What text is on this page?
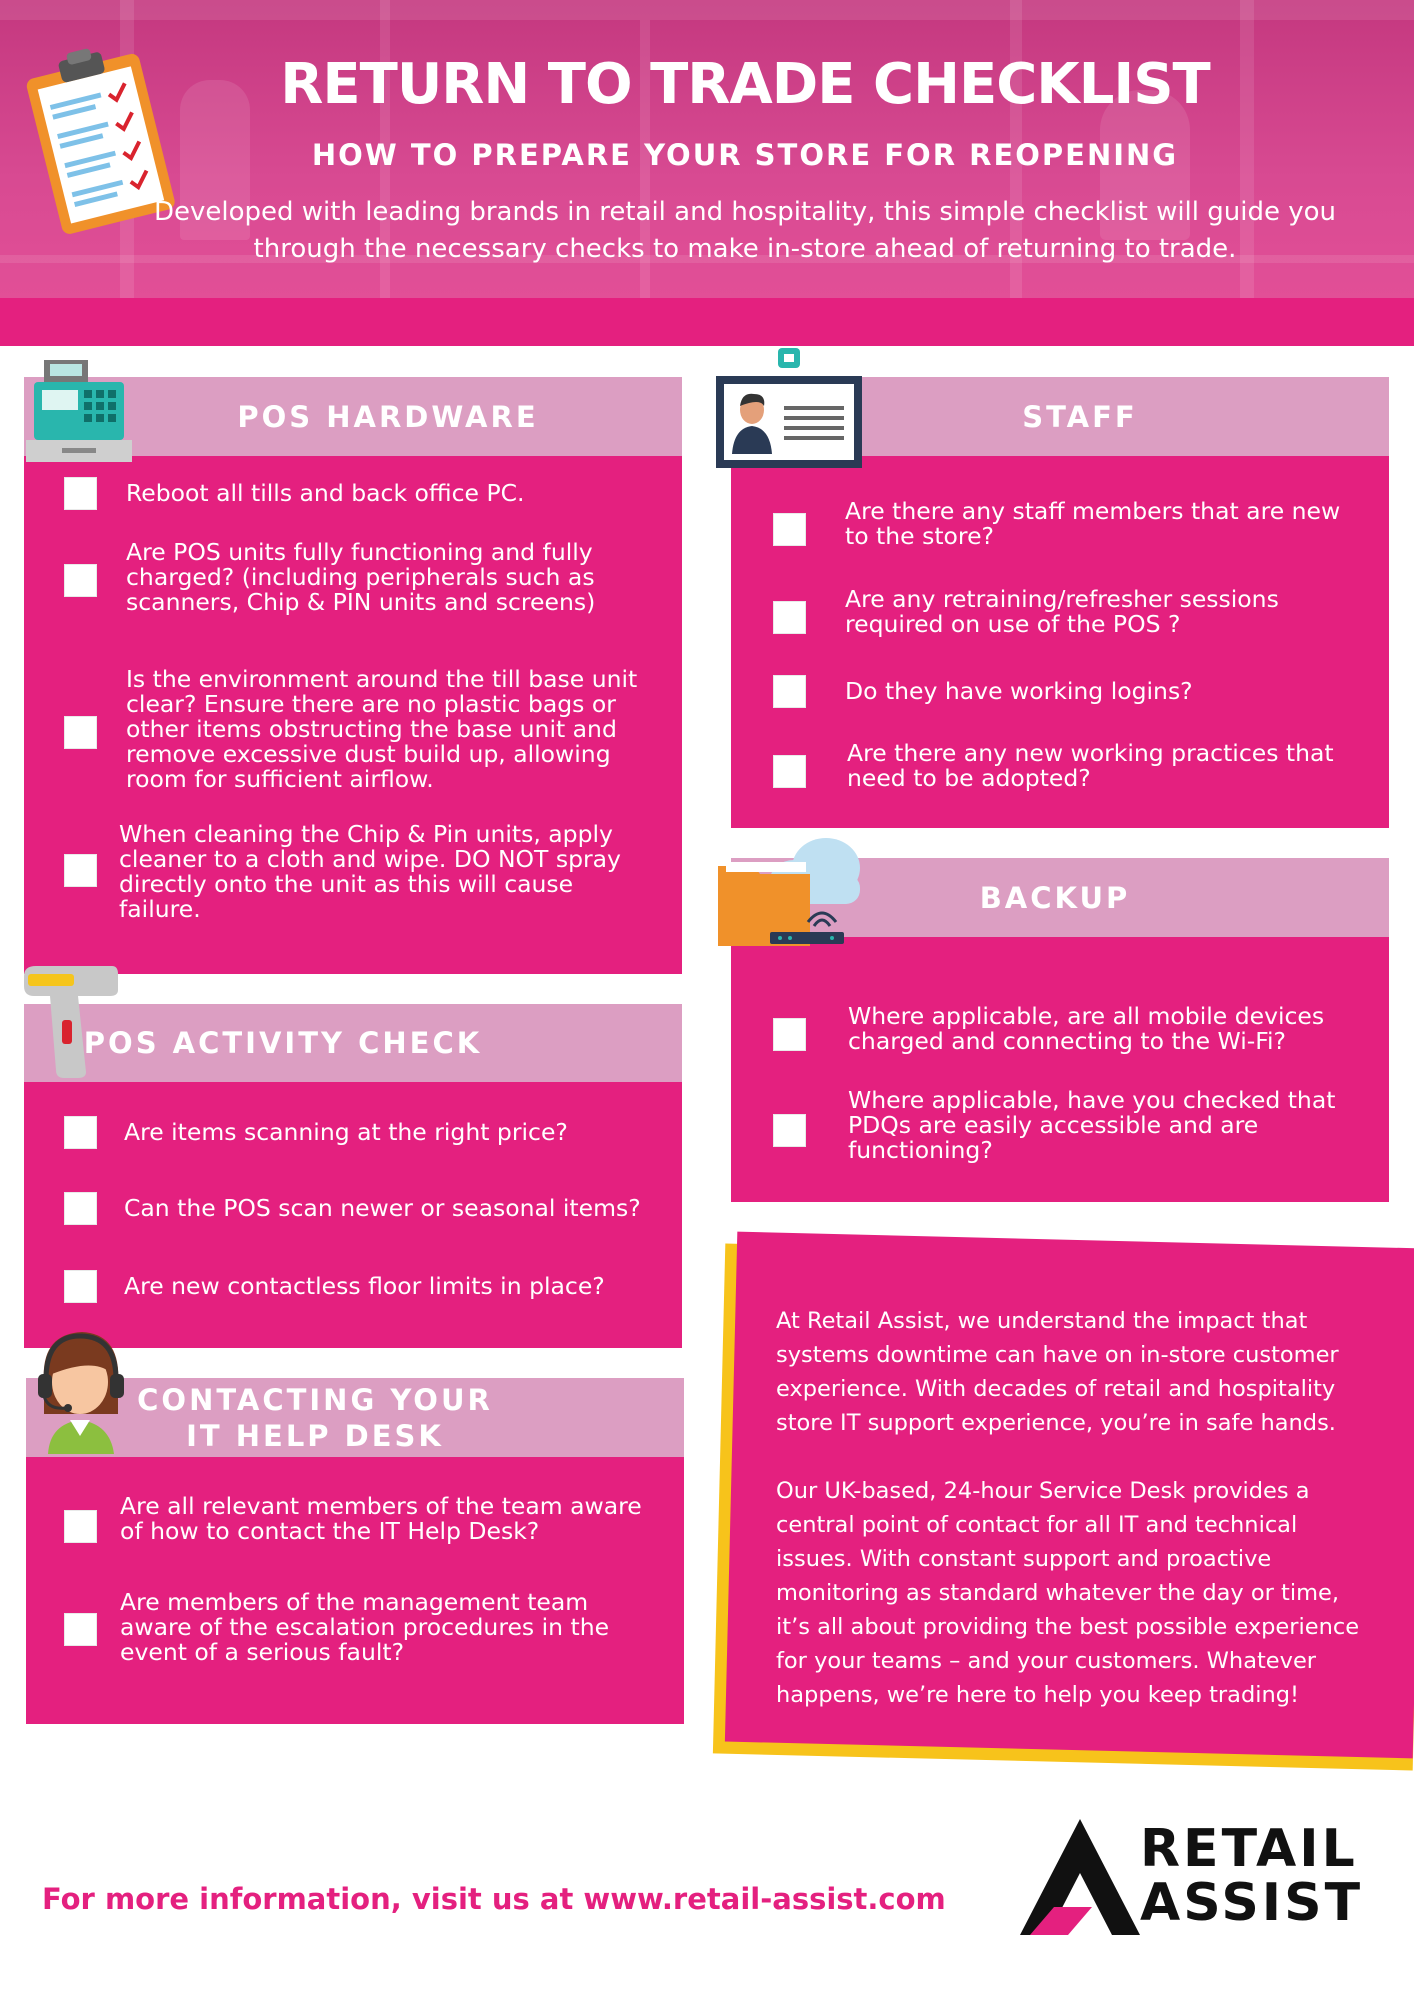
RETURN TO TRADE CHECKLIST
HOW TO PREPARE YOUR STORE FOR REOPENING
Developed with leading brands in retail and hospitality, this simple checklist will guide you through the necessary checks to make in-store ahead of returning to trade.
POS HARDWARE
Reboot all tills and back office PC.
Are POS units fully functioning and fully charged? (including peripherals such as scanners, Chip & PIN units and screens)
Is the environment around the till base unit clear? Ensure there are no plastic bags or other items obstructing the base unit and remove excessive dust build up, allowing room for sufficient airflow.
When cleaning the Chip & Pin units, apply cleaner to a cloth and wipe. DO NOT spray directly onto the unit as this will cause failure.
POS ACTIVITY CHECK
Are items scanning at the right price?
Can the POS scan newer or seasonal items?
Are new contactless floor limits in place?
CONTACTING YOUR
IT HELP DESK
Are all relevant members of the team aware of how to contact the IT Help Desk?
Are members of the management team aware of the escalation procedures in the event of a serious fault?
STAFF
Are there any staff members that are new to the store?
Are any retraining/refresher sessions required on use of the POS ?
Do they have working logins?
Are there any new working practices that need to be adopted?
BACKUP
Where applicable, are all mobile devices charged and connecting to the Wi-Fi?
Where applicable, have you checked that PDQs are easily accessible and are functioning?

At Retail Assist, we understand the impact that systems downtime can have on in-store customer experience. With decades of retail and hospitality store IT support experience, you’re in safe hands.

Our UK-based, 24-hour Service Desk provides a central point of contact for all IT and technical issues. With constant support and proactive monitoring as standard whatever the day or time, it’s all about providing the best possible experience for your teams – and your customers. Whatever happens, we’re here to help you keep trading!

For more information, visit us at www.retail-assist.com
RETAIL
ASSIST
